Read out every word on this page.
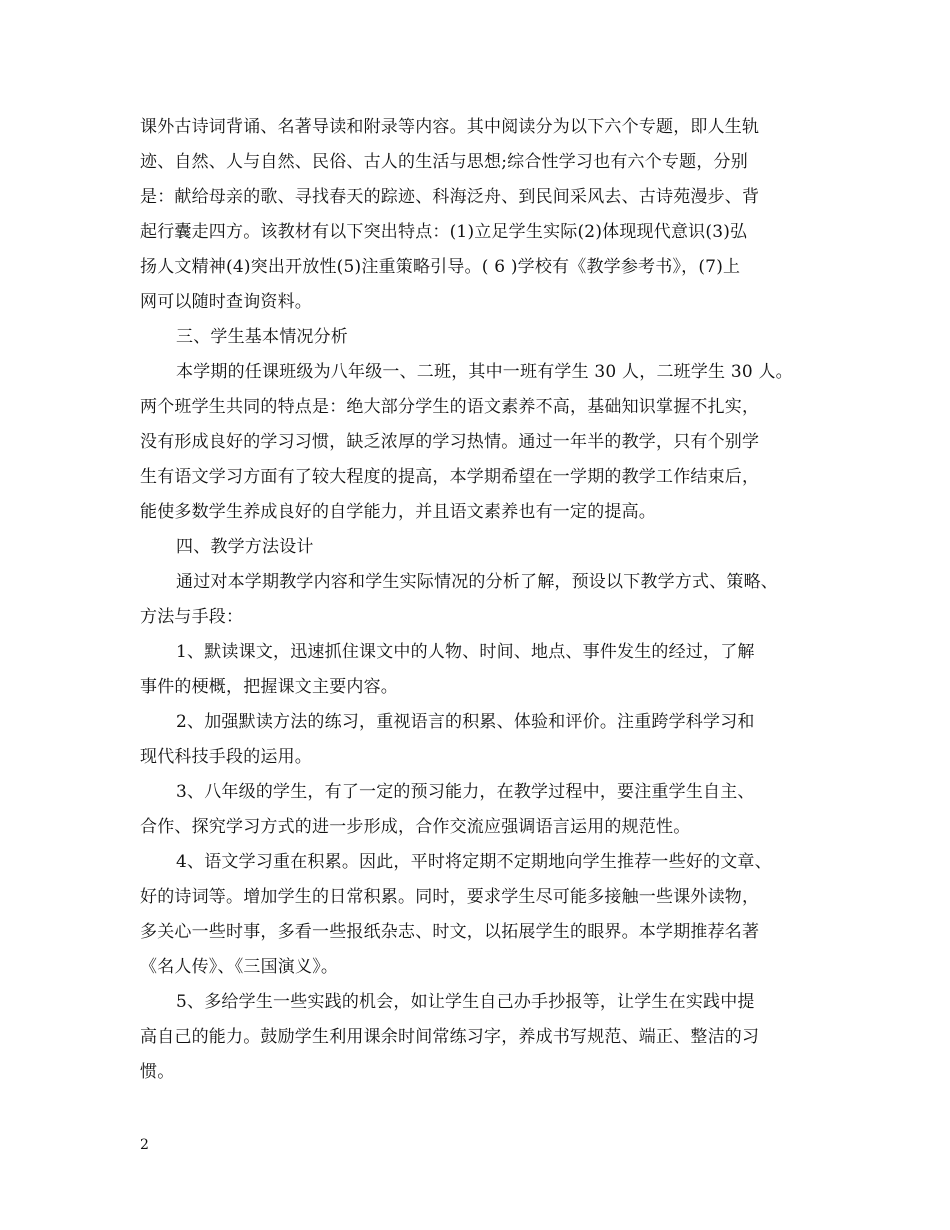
课外古诗词背诵、名著导读和附录等内容。其中阅读分为以下六个专题，即人生轨
迹、自然、人与自然、民俗、古人的生活与思想;综合性学习也有六个专题，分别
是：献给母亲的歌、寻找春天的踪迹、科海泛舟、到民间采风去、古诗苑漫步、背
起行囊走四方。该教材有以下突出特点：(1)立足学生实际(2)体现现代意识(3)弘
扬人文精神(4)突出开放性(5)注重策略引导。( 6 )学校有《教学参考书》，(7)上
网可以随时查询资料。
三、学生基本情况分析
本学期的任课班级为八年级一、二班，其中一班有学生 30 人，二班学生 30 人。
两个班学生共同的特点是：绝大部分学生的语文素养不高，基础知识掌握不扎实，
没有形成良好的学习习惯，缺乏浓厚的学习热情。通过一年半的教学，只有个别学
生有语文学习方面有了较大程度的提高，本学期希望在一学期的教学工作结束后，
能使多数学生养成良好的自学能力，并且语文素养也有一定的提高。
四、教学方法设计
通过对本学期教学内容和学生实际情况的分析了解，预设以下教学方式、策略、
方法与手段：
1、默读课文，迅速抓住课文中的人物、时间、地点、事件发生的经过，了解
事件的梗概，把握课文主要内容。
2、加强默读方法的练习，重视语言的积累、体验和评价。注重跨学科学习和
现代科技手段的运用。
3、八年级的学生，有了一定的预习能力，在教学过程中，要注重学生自主、
合作、探究学习方式的进一步形成，合作交流应强调语言运用的规范性。
4、语文学习重在积累。因此，平时将定期不定期地向学生推荐一些好的文章、
好的诗词等。增加学生的日常积累。同时，要求学生尽可能多接触一些课外读物，
多关心一些时事，多看一些报纸杂志、时文，以拓展学生的眼界。本学期推荐名著
《名人传》、《三国演义》。
5、多给学生一些实践的机会，如让学生自己办手抄报等，让学生在实践中提
高自己的能力。鼓励学生利用课余时间常练习字，养成书写规范、端正、整洁的习
惯。
2
